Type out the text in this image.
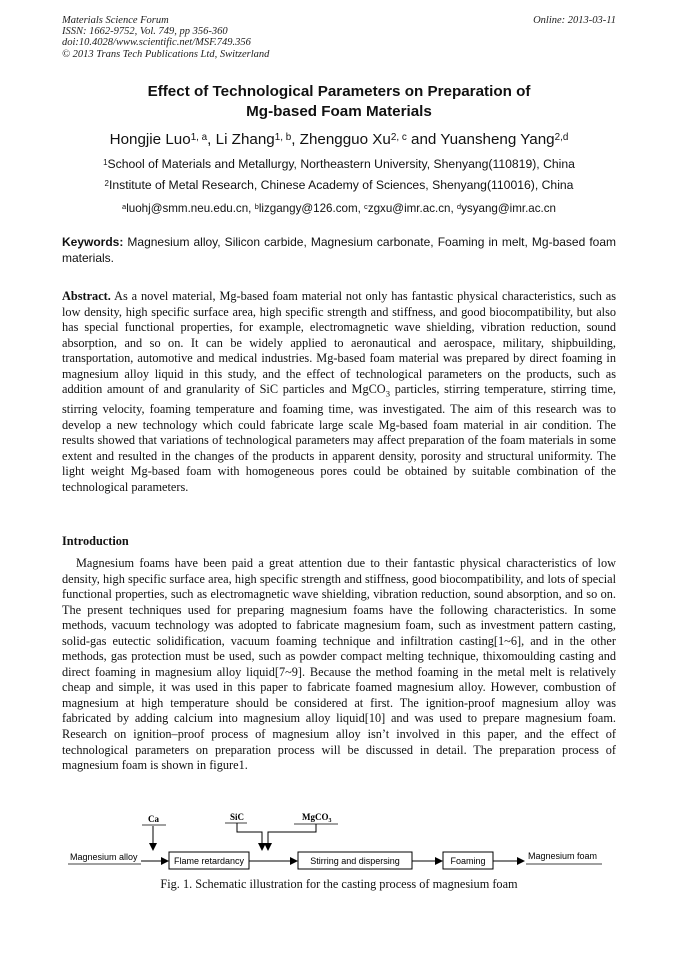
Materials Science Forum
ISSN: 1662-9752, Vol. 749, pp 356-360
doi:10.4028/www.scientific.net/MSF.749.356
© 2013 Trans Tech Publications Ltd, Switzerland
Online: 2013-03-11
Effect of Technological Parameters on Preparation of
Mg-based Foam Materials
Hongjie Luo$^{1, a}$, Li Zhang$^{1, b}$, Zhengguo Xu$^{2, c}$ and Yuansheng Yang$^{2,d}$
$^1$School of Materials and Metallurgy, Northeastern University, Shenyang(110819), China
$^2$Institute of Metal Research, Chinese Academy of Sciences, Shenyang(110016), China
$^a$luohj@smm.neu.edu.cn, $^b$lizgangy@126.com, $^c$zgxu@imr.ac.cn, $^d$ysyang@imr.ac.cn
Keywords: Magnesium alloy, Silicon carbide, Magnesium carbonate, Foaming in melt, Mg-based foam materials.
Abstract. As a novel material, Mg-based foam material not only has fantastic physical characteristics, such as low density, high specific surface area, high specific strength and stiffness, and good biocompatibility, but also has special functional properties, for example, electromagnetic wave shielding, vibration reduction, sound absorption, and so on. It can be widely applied to aeronautical and aerospace, military, shipbuilding, transportation, automotive and medical industries. Mg-based foam material was prepared by direct foaming in magnesium alloy liquid in this study, and the effect of technological parameters on the products, such as addition amount of and granularity of SiC particles and MgCO$_3$ particles, stirring temperature, stirring time, stirring velocity, foaming temperature and foaming time, was investigated. The aim of this research was to develop a new technology which could fabricate large scale Mg-based foam material in air condition. The results showed that variations of technological parameters may affect preparation of the foam materials in some extent and resulted in the changes of the products in apparent density, porosity and structural uniformity. The light weight Mg-based foam with homogeneous pores could be obtained by suitable combination of the technological parameters.
Introduction
Magnesium foams have been paid a great attention due to their fantastic physical characteristics of low density, high specific surface area, high specific strength and stiffness, good biocompatibility, and lots of special functional properties, such as electromagnetic wave shielding, vibration reduction, sound absorption, and so on. The present techniques used for preparing magnesium foams have the following characteristics. In some methods, vacuum technology was adopted to fabricate magnesium foam, such as investment pattern casting, solid-gas eutectic solidification, vacuum foaming technique and infiltration casting[1~6], and in the other methods, gas protection must be used, such as powder compact melting technique, thixomoulding casting and direct foaming in magnesium alloy liquid[7~9]. Because the method foaming in the metal melt is relatively cheap and simple, it was used in this paper to fabricate foamed magnesium alloy. However, combustion of magnesium at high temperature should be considered at first. The ignition-proof magnesium alloy was fabricated by adding calcium into magnesium alloy liquid[10] and was used to prepare magnesium foam. Research on ignition–proof process of magnesium alloy isn’t involved in this paper, and the effect of technological parameters on preparation process will be discussed in detail. The preparation process of magnesium foam is shown in figure1.
Ca	SiC	MgCO$_3$
Magnesium alloy	Flame retardancy	Stirring and dispersing	Foaming	Magnesium foam
Fig. 1. Schematic illustration for the casting process of magnesium foam
